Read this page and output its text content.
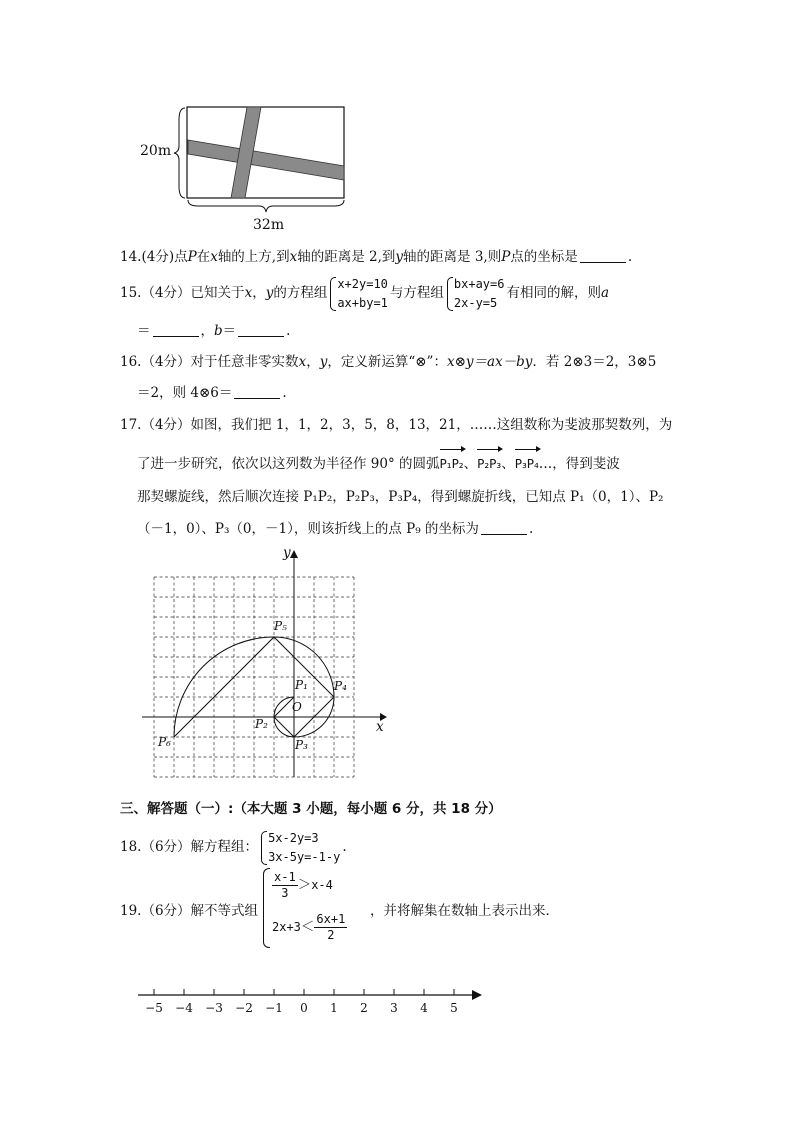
20m
32m
14.(4分)点P在x轴的上方,到x轴的距离是 2,到y轴的距离是 3,则P点的坐标是	.
15.（4分）已知关于x，y的方程组
x+2y=10
ax+by=1
与方程组
bx+ay=6
2x-y=5
有相同的解，则a
＝	，b＝	.
16.（4分）对于任意非零实数x，y，定义新运算“⊗”：x⊗y＝ax－by．若 2⊗3＝2，3⊗5
＝2，则 4⊗6＝	.
17.（4分）如图，我们把 1，1，2，3，5，8，13，21，……这组数称为斐波那契数列，为
了进一步研究，依次以这列数为半径作 90° 的圆弧P₁P₂、P₂P₃、P₃P₄…，得到斐波
那契螺旋线，然后顺次连接 P₁P₂，P₂P₃，P₃P₄，得到螺旋折线，已知点 P₁（0，1）、P₂
（－1，0）、P₃（0，－1），则该折线上的点 P₉ 的坐标为	.
y
x
O
P₁
P₂
P₃
P₄
P₅
P₆
三、解答题（一）:（本大题 3 小题，每小题 6 分，共 18 分）
18.（6分）解方程组：
5x-2y=3
3x-5y=-1-y
.
19.（6分）解不等式组
$\frac{x-1}{3} >x-4$
$2x+3< \frac{6x+1}{2}$
，并将解集在数轴上表示出来．
−5 −4 −3 −2 −1	0	1	2	3	4	5
